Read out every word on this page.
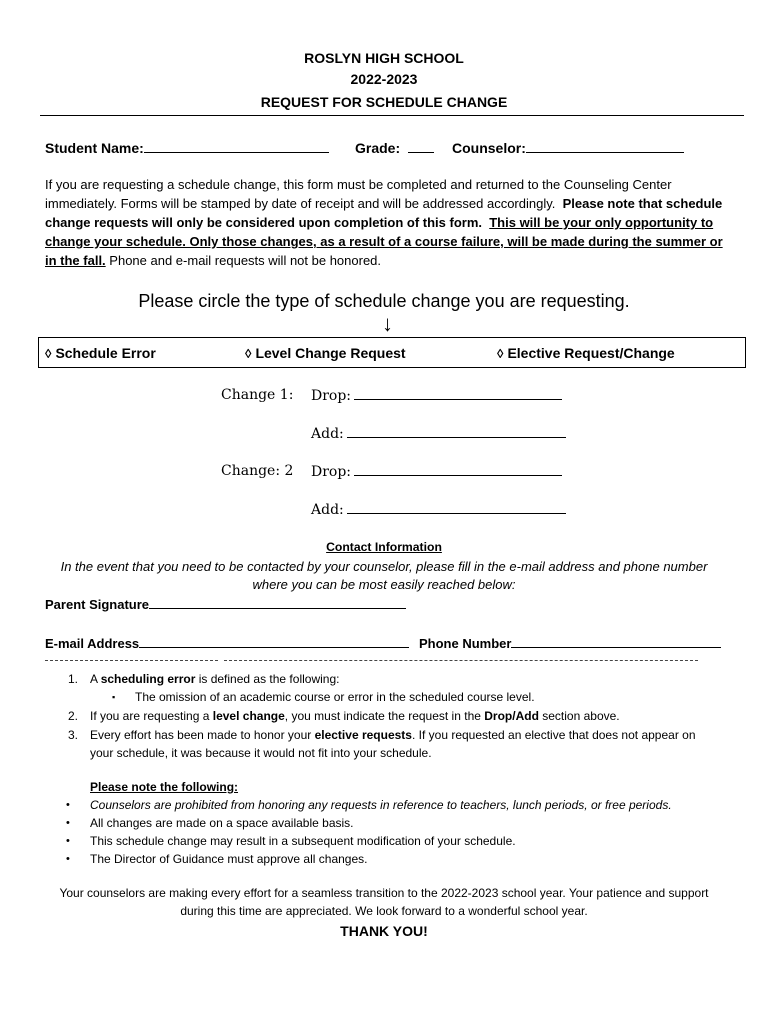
ROSLYN HIGH SCHOOL
2022-2023
REQUEST FOR SCHEDULE CHANGE
Student Name:	Grade:	Counselor:
If you are requesting a schedule change, this form must be completed and returned to the Counseling Center immediately. Forms will be stamped by date of receipt and will be addressed accordingly. Please note that schedule change requests will only be considered upon completion of this form. This will be your only opportunity to change your schedule. Only those changes, as a result of a course failure, will be made during the summer or in the fall. Phone and e-mail requests will not be honored.
Please circle the type of schedule change you are requesting.
↓
◊ Schedule Error	◊ Level Change Request	◊ Elective Request/Change
Change 1: Drop:
Add:
Change: 2 Drop:
Add:
Contact Information
In the event that you need to be contacted by your counselor, please fill in the e-mail address and phone number
where you can be most easily reached below:
Parent Signature
E-mail Address	Phone Number
1. A scheduling error is defined as the following:
▪ The omission of an academic course or error in the scheduled course level.
2. If you are requesting a level change, you must indicate the request in the Drop/Add section above.
3. Every effort has been made to honor your elective requests. If you requested an elective that does not appear on
your schedule, it was because it would not fit into your schedule.
Please note the following:
• Counselors are prohibited from honoring any requests in reference to teachers, lunch periods, or free periods.
• All changes are made on a space available basis.
• This schedule change may result in a subsequent modification of your schedule.
• The Director of Guidance must approve all changes.
Your counselors are making every effort for a seamless transition to the 2022-2023 school year. Your patience and support
during this time are appreciated. We look forward to a wonderful school year.
THANK YOU!
